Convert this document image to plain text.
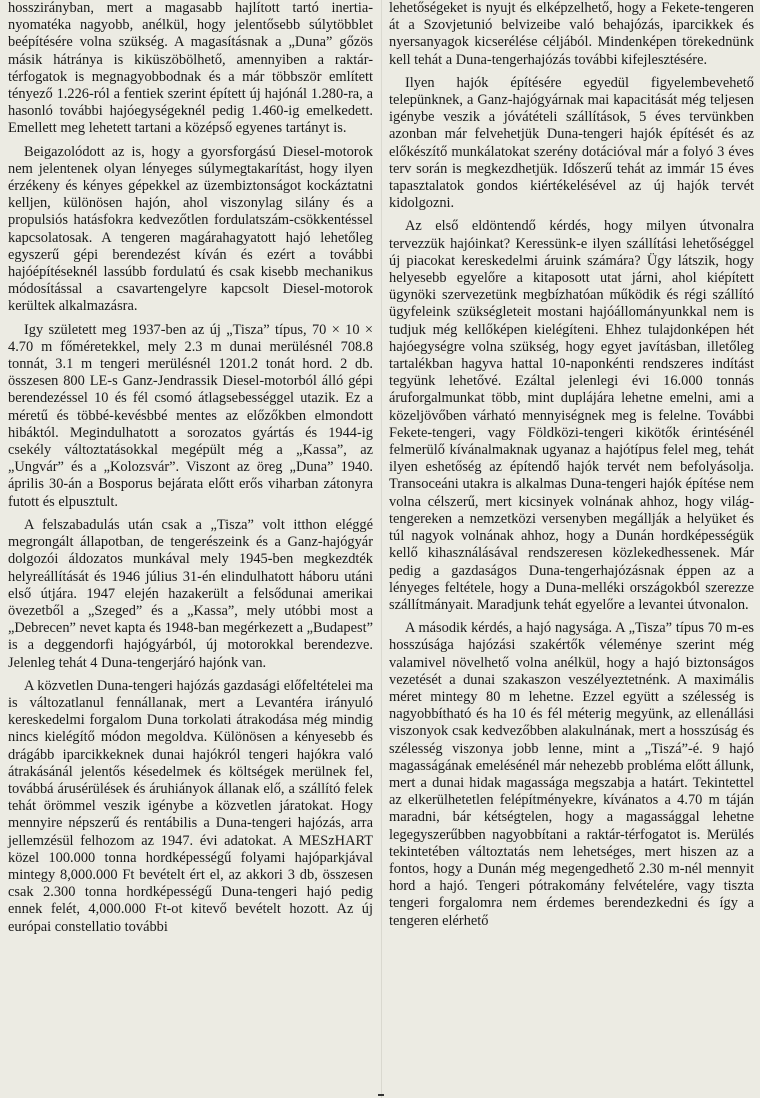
hosszirányban, mert a magasabb hajlított tartó inertia-nyomatéka nagyobb, anélkül, hogy jelentősebb súlytöbblet beépítésére volna szükség. A magasításnak a „Duna” gőzös másik hátránya is kiküszöbölhető, amennyiben a raktár-térfogatok is megnagyobbodnak és a már többször említett tényező 1.226-ról a fentiek szerint épített új hajónál 1.280-ra, a hasonló további hajóegységeknél pedig 1.460-ig emelkedett. Emellett meg lehetett tartani a középső egyenes tartányt is.

Beigazolódott az is, hogy a gyorsforgású Diesel-motorok nem jelentenek olyan lényeges súlymegtakarítást, hogy ilyen érzékeny és kényes gépekkel az üzembiztonságot kockáztatni kelljen, különösen hajón, ahol viszonylag silány és a propulsiós hatásfokra kedvezőtlen fordulatszám-csökkentéssel kapcsolatosak. A tengeren magárahagyatott hajó lehetőleg egyszerű gépi berendezést kíván és ezért a további hajóépítéseknél lassúbb fordulatú és csak kisebb mechanikus módosítással a csavartengelyre kapcsolt Diesel-motorok kerültek alkalmazásra.

Igy született meg 1937-ben az új „Tisza” típus, 70 × 10 × 4.70 m főméretekkel, mely 2.3 m dunai merülésnél 708.8 tonnát, 3.1 m tengeri merülésnél 1201.2 tonát hord. 2 db. összesen 800 LE-s Ganz-Jendrassik Diesel-motorból álló gépi berendezéssel 10 és fél csomó átlagsebességgel utazik. Ez a méretű és többé-kevésbbé mentes az előzőkben elmondott hibáktól. Megindulhatott a sorozatos gyártás és 1944-ig csekély változtatásokkal megépült még a „Kassa”, az „Ungvár” és a „Kolozsvár”. Viszont az öreg „Duna” 1940. április 30-án a Bosporus bejárata előtt erős viharban zátonyra futott és elpusztult.

A felszabadulás után csak a „Tisza” volt itthon eléggé megrongált állapotban, de tengerészeink és a Ganz-hajógyár dolgozói áldozatos munkával mely 1945-ben megkezdték helyreállítását és 1946 július 31-én elindulhatott háboru utáni első útjára. 1947 elején hazakerült a felsődunai amerikai övezetből a „Szeged” és a „Kassa”, mely utóbbi most a „Debrecen” nevet kapta és 1948-ban megérkezett a „Budapest” is a deggendorfi hajógyárból, új motorokkal berendezve. Jelenleg tehát 4 Duna-tengerjáró hajónk van.

A közvetlen Duna-tengeri hajózás gazdasági előfeltételei ma is változatlanul fennállanak, mert a Levantéra irányuló kereskedelmi forgalom Duna torkolati átrakodása még mindig nincs kielégítő módon megoldva. Különösen a kényesebb és drágább iparcikkeknek dunai hajókról tengeri hajókra való átrakásánál jelentős késedelmek és költségek merülnek fel, továbbá árusérülések és áruhiányok állanak elő, a szállító felek tehát örömmel veszik igénybe a közvetlen járatokat. Hogy mennyire népszerű és rentábilis a Duna-tengeri hajózás, arra jellemzésül felhozom az 1947. évi adatokat. A MESzHART közel 100.000 tonna hordképességű folyami hajóparkjával mintegy 8,000.000 Ft bevételt ért el, az akkori 3 db, összesen csak 2.300 tonna hordképességű Duna-tengeri hajó pedig ennek felét, 4,000.000 Ft-ot kitevő bevételt hozott. Az új európai constellatio további

lehetőségeket is nyujt és elképzelhető, hogy a Fekete-tengeren át a Szovjetunió belvizeibe való behajózás, iparcikkek és nyersanyagok kicserélése céljából. Mindenképen törekednünk kell tehát a Duna-tengerhajózás további kifejlesztésére.

Ilyen hajók építésére egyedül figyelembevehető telepünknek, a Ganz-hajógyárnak mai kapacitását még teljesen igénybe veszik a jóvátételi szállítások, 5 éves tervünkben azonban már felvehetjük Duna-tengeri hajók építését és az előkészítő munkálatokat szerény dotációval már a folyó 3 éves terv során is megkezdhetjük. Időszerű tehát az immár 15 éves tapasztalatok gondos kiértékelésével az új hajók tervét kidolgozni.

Az első eldöntendő kérdés, hogy milyen útvonalra tervezzük hajóinkat? Keressünk-e ilyen szállítási lehetőséggel új piacokat kereskedelmi áruink számára? Ügy látszik, hogy helyesebb egyelőre a kitaposott utat járni, ahol kiépített ügynöki szervezetünk megbízhatóan működik és régi szállító ügyfeleink szükségleteit mostani hajóállományunkkal nem is tudjuk még kellőképen kielégíteni. Ehhez tulajdonképen hét hajóegységre volna szükség, hogy egyet javításban, illetőleg tartalékban hagyva hattal 10-naponkénti rendszeres indítást tegyünk lehetővé. Ezáltal jelenlegi évi 16.000 tonnás áruforgalmunkat több, mint duplájára lehetne emelni, ami a közeljövőben várható mennyiségnek meg is felelne. További Fekete-tengeri, vagy Földközi-tengeri kikötők érintésénél felmerülő kívánalmaknak ugyanaz a hajótípus felel meg, tehát ilyen eshetőség az építendő hajók tervét nem befolyásolja. Transoceáni utakra is alkalmas Duna-tengeri hajók építése nem volna célszerű, mert kicsinyek volnának ahhoz, hogy világ-tengereken a nemzetközi versenyben megállják a helyüket és túl nagyok volnának ahhoz, hogy a Dunán hordképességük kellő kihasználásával rendszeresen közlekedhessenek. Már pedig a gazdaságos Duna-tengerhajózásnak éppen az a lényeges feltétele, hogy a Duna-melléki országokból szerezze szállítmányait. Maradjunk tehát egyelőre a levantei útvonalon.

A második kérdés, a hajó nagysága. A „Tisza” típus 70 m-es hosszúsága hajózási szakértők véleménye szerint még valamivel növelhető volna anélkül, hogy a hajó biztonságos vezetését a dunai szakaszon veszélyeztetnénk. A maximális méret mintegy 80 m lehetne. Ezzel együtt a szélesség is nagyobbítható és ha 10 és fél méterig megyünk, az ellenállási viszonyok csak kedvezőbben alakulnának, mert a hosszúság és szélesség viszonya jobb lenne, mint a „Tiszá”-é. 9 hajó magasságának emelésénél már nehezebb probléma előtt állunk, mert a dunai hidak magassága megszabja a határt. Tekintettel az elkerülhetetlen felépítményekre, kívánatos a 4.70 m táján maradni, bár kétségtelen, hogy a magassággal lehetne legegyszerűbben nagyobbítani a raktár-térfogatot is. Merülés tekintetében változtatás nem lehetséges, mert hiszen az a fontos, hogy a Dunán még megengedhető 2.30 m-nél mennyit hord a hajó. Tengeri pótrakomány felvételére, vagy tiszta tengeri forgalomra nem érdemes berendezkedni és így a tengeren elérhető
